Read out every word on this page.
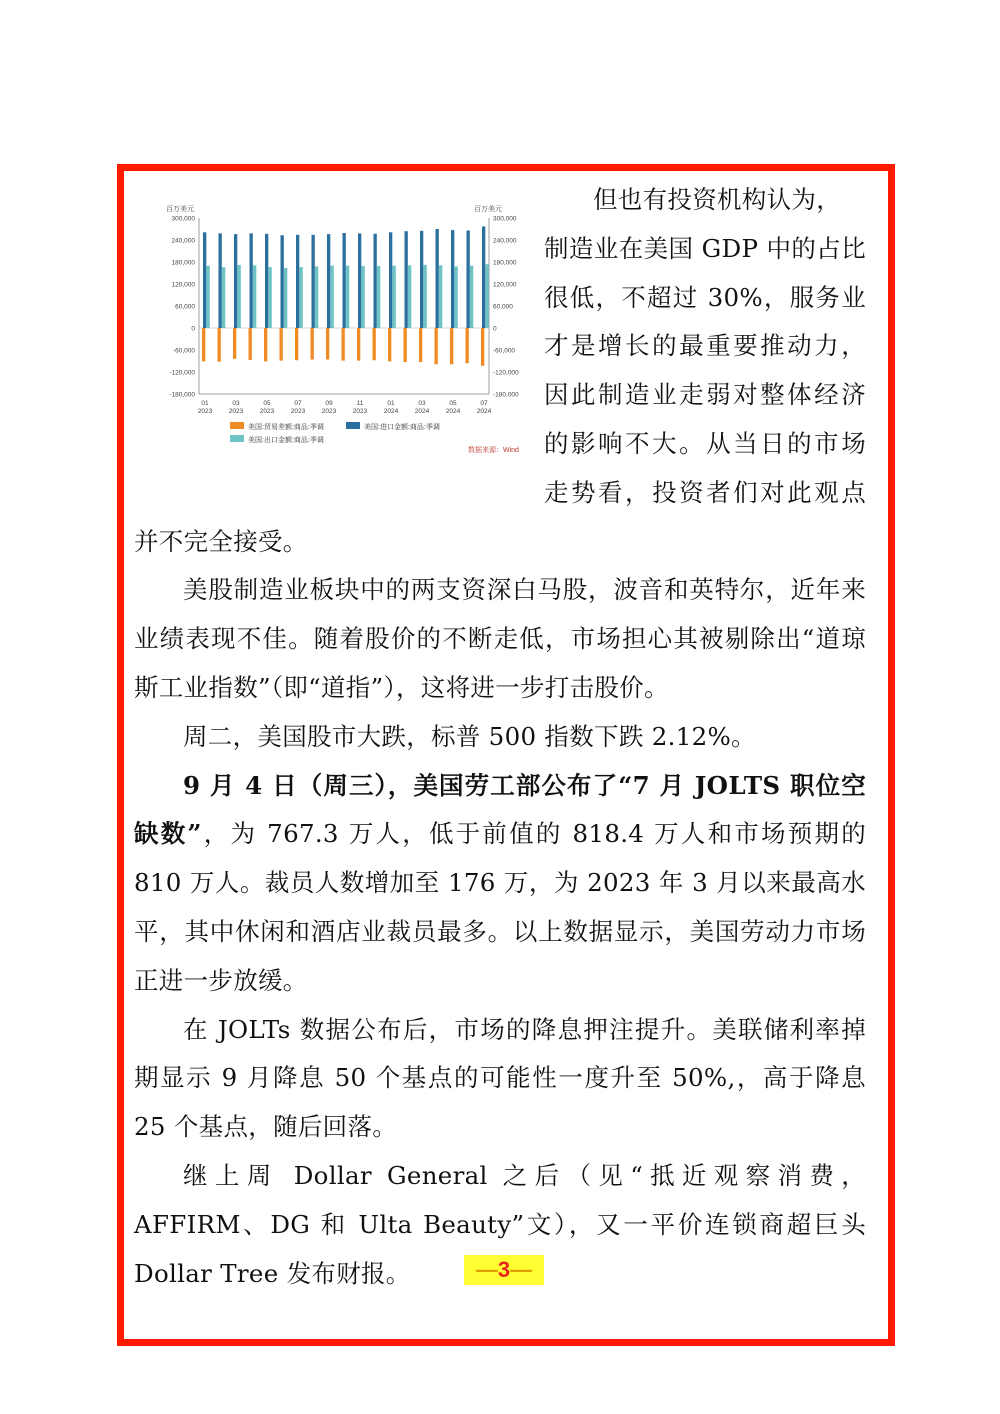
百万美元	百万美元
300,000
240,000
180,000
120,000
60,000
0
-60,000
-120,000
-180,000
300,000
240,000
180,000
120,000
60,000
0
-60,000
-120,000
-180,000
01
2023
03
2023
05
2023
07
2023
09
2023
11
2023
01
2024
03
2024
05
2024
07
2024
美国:贸易差额:商品:季调	美国:进口金额:商品:季调
美国:出口金额:商品:季调
数据来源：Wind

但也有投资机构认为，

制造业在美国 GDP 中的占比很低，不超过 30%，服务业才是增长的最重要推动力，因此制造业走弱对整体经济的影响不大。从当日的市场走势看，投资者们对此观点并不完全接受。

美股制造业板块中的两支资深白马股，波音和英特尔，近年来业绩表现不佳。随着股价的不断走低，市场担心其被剔除出“道琼斯工业指数”（即“道指”），这将进一步打击股价。

周二，美国股市大跌，标普 500 指数下跌 2.12%。

9 月 4 日（周三），美国劳工部公布了“7 月 JOLTS 职位空缺数”，为 767.3 万人，低于前值的 818.4 万人和市场预期的 810 万人。裁员人数增加至 176 万，为 2023 年 3 月以来最高水平，其中休闲和酒店业裁员最多。以上数据显示，美国劳动力市场正进一步放缓。

在 JOLTs 数据公布后，市场的降息押注提升。美联储利率掉期显示 9 月降息 50 个基点的可能性一度升至 50%,，高于降息 25 个基点，随后回落。

继上周 Dollar General 之后（见“抵近观察消费，AFFIRM、DG 和 Ulta Beauty”文），又一平价连锁商超巨头 Dollar Tree 发布财报。	—3—
